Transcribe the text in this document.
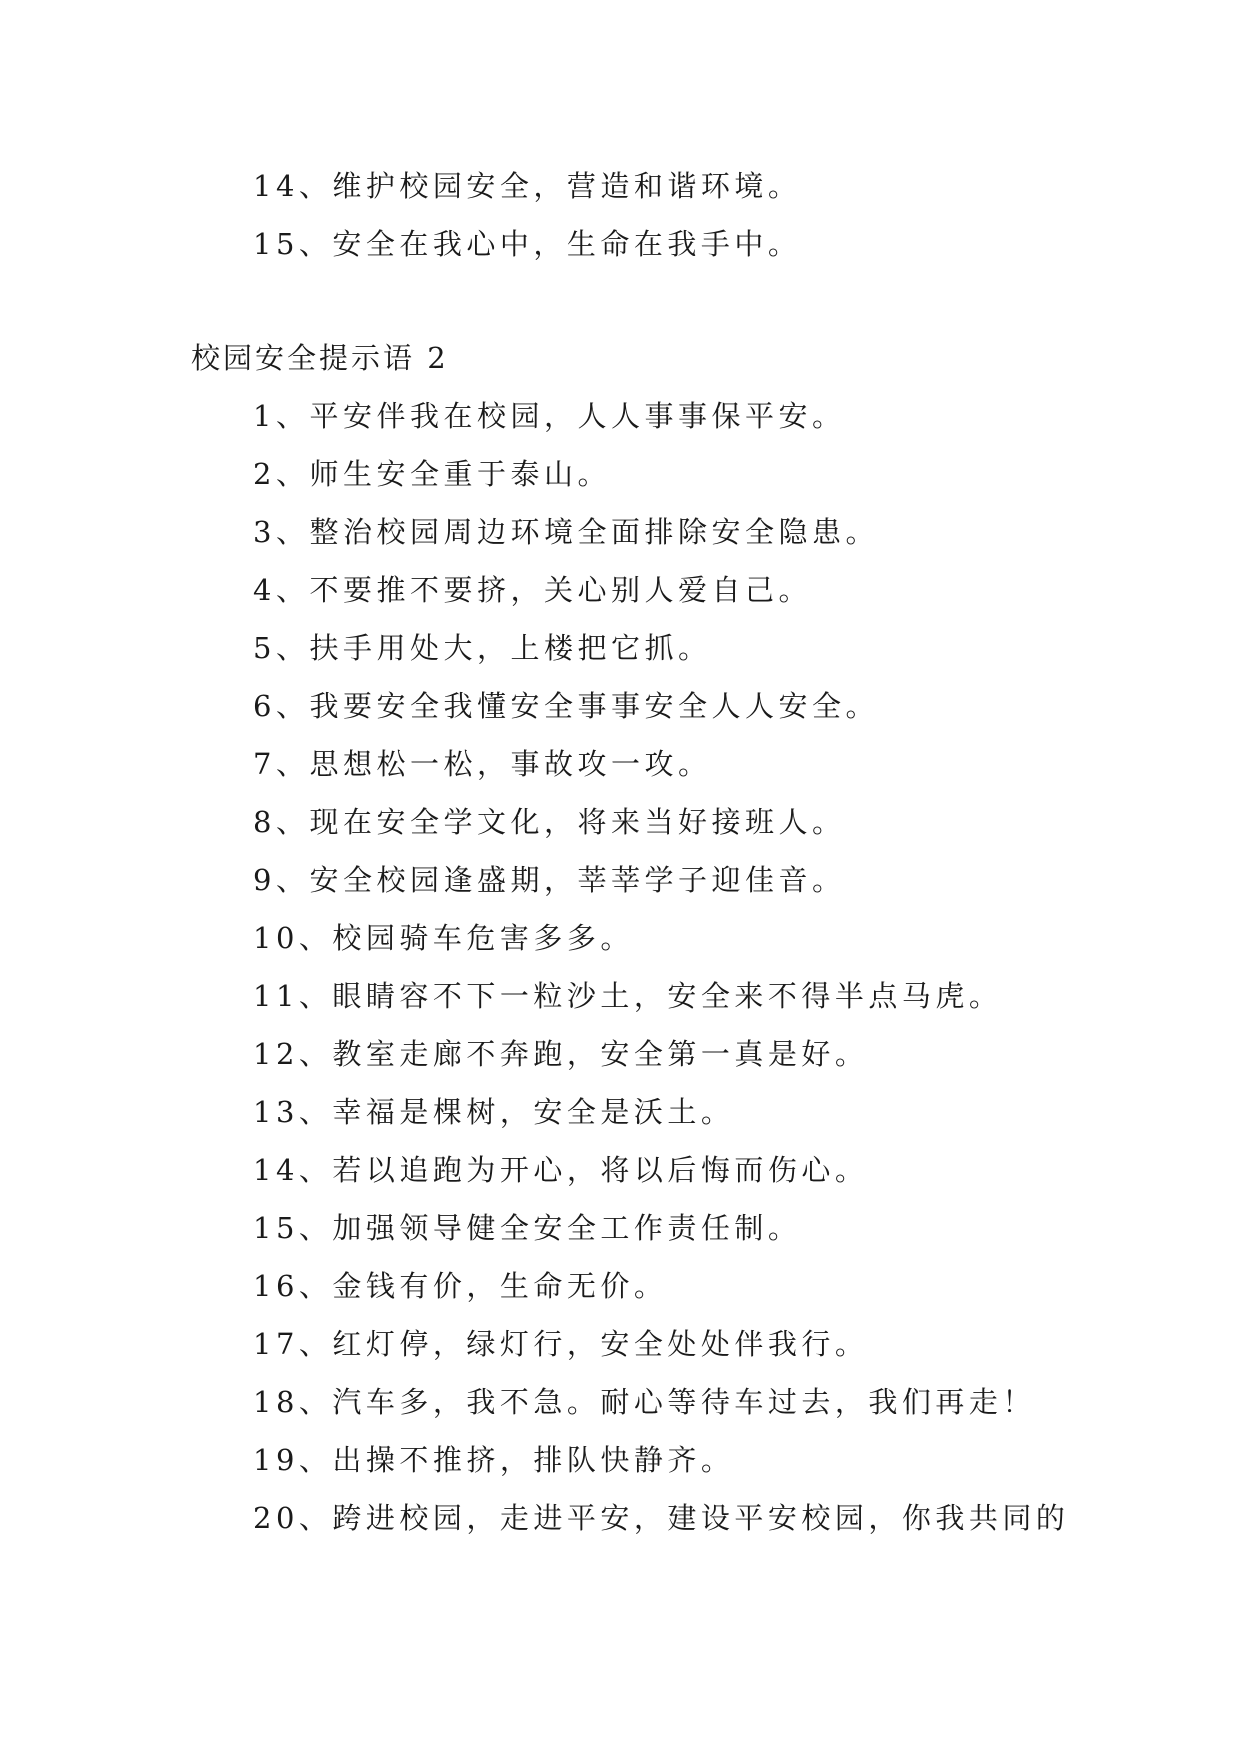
14、维护校园安全，营造和谐环境。
15、安全在我心中，生命在我手中。
校园安全提示语 2
1、平安伴我在校园，人人事事保平安。
2、师生安全重于泰山。
3、整治校园周边环境全面排除安全隐患。
4、不要推不要挤，关心别人爱自己。
5、扶手用处大，上楼把它抓。
6、我要安全我懂安全事事安全人人安全。
7、思想松一松，事故攻一攻。
8、现在安全学文化，将来当好接班人。
9、安全校园逢盛期，莘莘学子迎佳音。
10、校园骑车危害多多。
11、眼睛容不下一粒沙土，安全来不得半点马虎。
12、教室走廊不奔跑，安全第一真是好。
13、幸福是棵树，安全是沃土。
14、若以追跑为开心，将以后悔而伤心。
15、加强领导健全安全工作责任制。
16、金钱有价，生命无价。
17、红灯停，绿灯行，安全处处伴我行。
18、汽车多，我不急。耐心等待车过去，我们再走！
19、出操不推挤，排队快静齐。
20、跨进校园，走进平安，建设平安校园，你我共同的
